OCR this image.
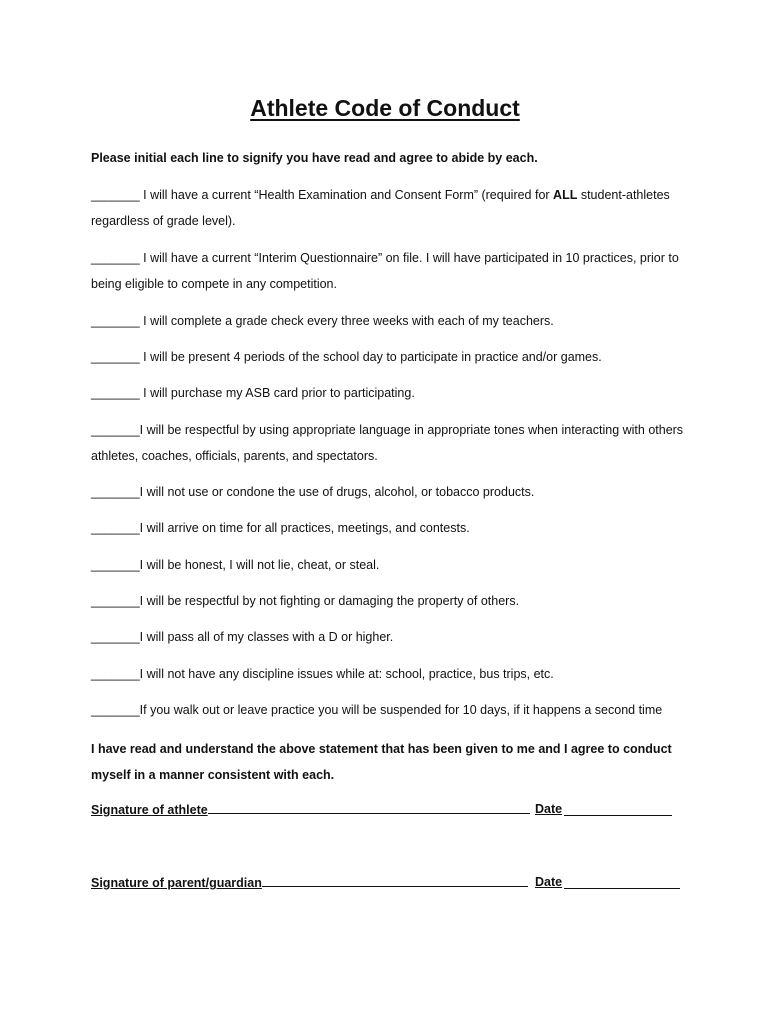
Athlete Code of Conduct
Please initial each line to signify you have read and agree to abide by each.
_______ I will have a current “Health Examination and Consent Form” (required for ALL student-athletes regardless of grade level).
_______ I will have a current “Interim Questionnaire” on file. I will have participated in 10 practices, prior to being eligible to compete in any competition.
_______ I will complete a grade check every three weeks with each of my teachers.
_______ I will be present 4 periods of the school day to participate in practice and/or games.
_______ I will purchase my ASB card prior to participating.
_______I will be respectful by using appropriate language in appropriate tones when interacting with others athletes, coaches, officials, parents, and spectators.
_______I will not use or condone the use of drugs, alcohol, or tobacco products.
_______I will arrive on time for all practices, meetings, and contests.
_______I will be honest, I will not lie, cheat, or steal.
_______I will be respectful by not fighting or damaging the property of others.
_______I will pass all of my classes with a D or higher.
_______I will not have any discipline issues while at: school, practice, bus trips, etc.
_______If you walk out or leave practice you will be suspended for 10 days, if it happens a second time
I have read and understand the above statement that has been given to me and I agree to conduct myself in a manner consistent with each.
Signature of athlete	Date
Signature of parent/guardian	Date
